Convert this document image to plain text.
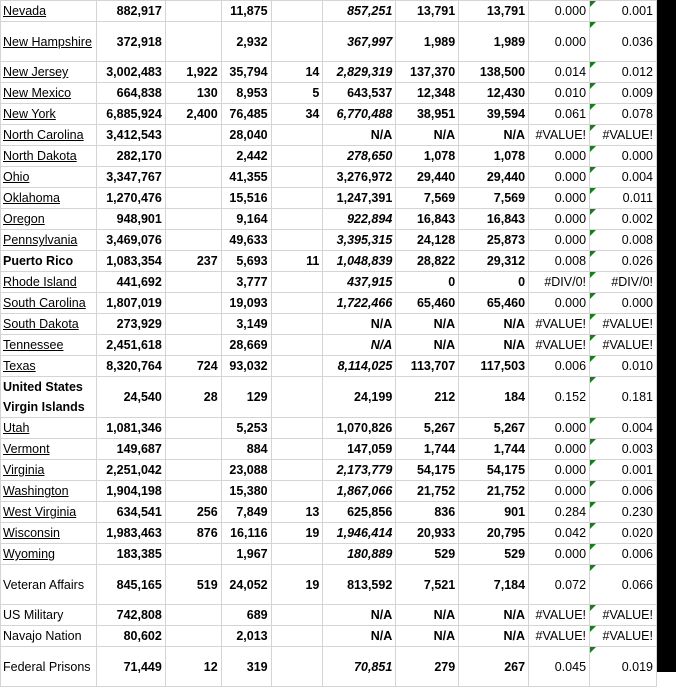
Nevada	882,917		11,875		857,251	13,791	13,791	0.000	0.001
New Hampshire	372,918		2,932		367,997	1,989	1,989	0.000	0.036
New Jersey	3,002,483	1,922	35,794	14	2,829,319	137,370	138,500	0.014	0.012
New Mexico	664,838	130	8,953	5	643,537	12,348	12,430	0.010	0.009
New York	6,885,924	2,400	76,485	34	6,770,488	38,951	39,594	0.061	0.078
North Carolina	3,412,543		28,040		N/A	N/A	N/A	#VALUE!	#VALUE!
North Dakota	282,170		2,442		278,650	1,078	1,078	0.000	0.000
Ohio	3,347,767		41,355		3,276,972	29,440	29,440	0.000	0.004
Oklahoma	1,270,476		15,516		1,247,391	7,569	7,569	0.000	0.011
Oregon	948,901		9,164		922,894	16,843	16,843	0.000	0.002
Pennsylvania	3,469,076		49,633		3,395,315	24,128	25,873	0.000	0.008
Puerto Rico	1,083,354	237	5,693	11	1,048,839	28,822	29,312	0.008	0.026
Rhode Island	441,692		3,777		437,915	0	0	#DIV/0!	#DIV/0!
South Carolina	1,807,019		19,093		1,722,466	65,460	65,460	0.000	0.000
South Dakota	273,929		3,149		N/A	N/A	N/A	#VALUE!	#VALUE!
Tennessee	2,451,618		28,669		N/A	N/A	N/A	#VALUE!	#VALUE!
Texas	8,320,764	724	93,032		8,114,025	113,707	117,503	0.006	0.010
United States Virgin Islands	24,540	28	129		24,199	212	184	0.152	0.181
Utah	1,081,346		5,253		1,070,826	5,267	5,267	0.000	0.004
Vermont	149,687		884		147,059	1,744	1,744	0.000	0.003
Virginia	2,251,042		23,088		2,173,779	54,175	54,175	0.000	0.001
Washington	1,904,198		15,380		1,867,066	21,752	21,752	0.000	0.006
West Virginia	634,541	256	7,849	13	625,856	836	901	0.284	0.230
Wisconsin	1,983,463	876	16,116	19	1,946,414	20,933	20,795	0.042	0.020
Wyoming	183,385		1,967		180,889	529	529	0.000	0.006
Veteran Affairs	845,165	519	24,052	19	813,592	7,521	7,184	0.072	0.066
US Military	742,808		689		N/A	N/A	N/A	#VALUE!	#VALUE!
Navajo Nation	80,602		2,013		N/A	N/A	N/A	#VALUE!	#VALUE!
Federal Prisons	71,449	12	319		70,851	279	267	0.045	0.019
